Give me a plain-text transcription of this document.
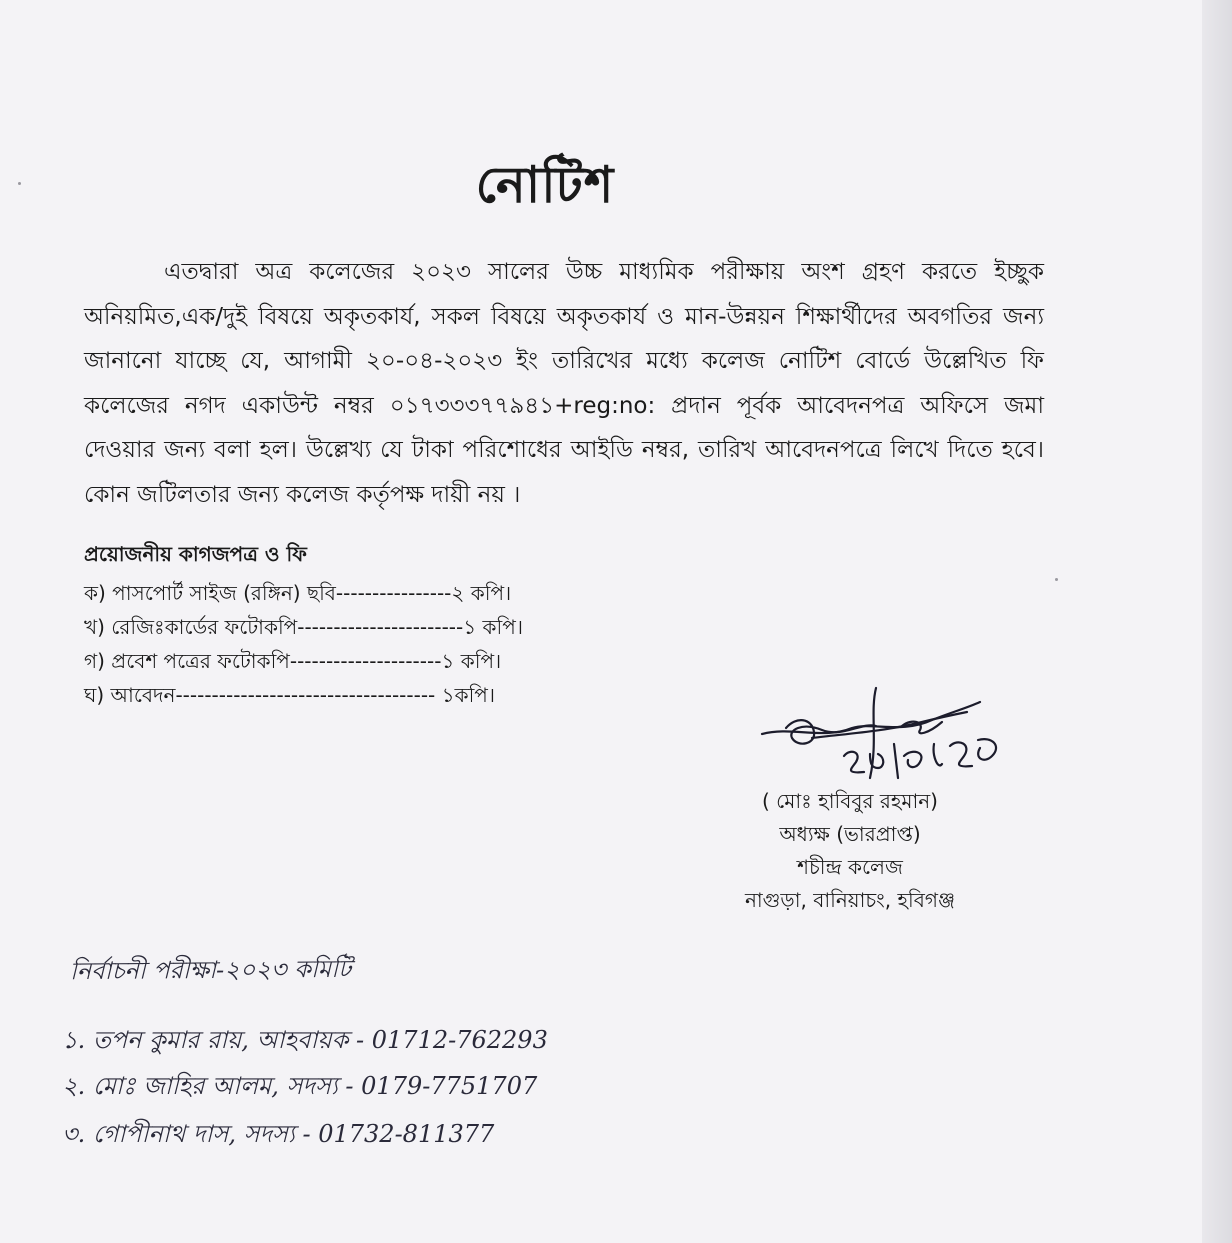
নোটিশ

এতদ্বারা অত্র কলেজের ২০২৩ সালের উচ্চ মাধ্যমিক পরীক্ষায় অংশ গ্রহণ করতে ইচ্ছুক অনিয়মিত,এক/দুই বিষয়ে অকৃতকার্য, সকল বিষয়ে অকৃতকার্য ও মান-উন্নয়ন শিক্ষার্থীদের অবগতির জন্য জানানো যাচ্ছে যে, আগামী ২০-০৪-২০২৩ ইং তারিখের মধ্যে কলেজ নোটিশ বোর্ডে উল্লেখিত ফি কলেজের নগদ একাউন্ট নম্বর ০১৭৩৩৩৭৭৯৪১+reg:no: প্রদান পূর্বক আবেদনপত্র অফিসে জমা দেওয়ার জন্য বলা হল। উল্লেখ্য যে টাকা পরিশোধের আইডি নম্বর, তারিখ আবেদনপত্রে লিখে দিতে হবে। কোন জটিলতার জন্য কলেজ কর্তৃপক্ষ দায়ী নয় ।

প্রয়োজনীয় কাগজপত্র ও ফি
ক) পাসপোর্ট সাইজ (রঙ্গিন) ছবি----------------২ কপি।
খ) রেজিঃকার্ডের ফটোকপি-----------------------১ কপি।
গ) প্রবেশ পত্রের ফটোকপি---------------------১ কপি।
ঘ) আবেদন------------------------------------ ১কপি।
( মোঃ হাবিবুর রহমান)
অধ্যক্ষ (ভারপ্রাপ্ত)
শচীন্দ্র কলেজ
নাগুড়া, বানিয়াচং, হবিগঞ্জ
নির্বাচনী পরীক্ষা-২০২৩ কমিটি
১. তপন কুমার রায়, আহবায়ক - 01712-762293
২. মোঃ জাহির আলম, সদস্য - 0179-7751707
৩. গোপীনাথ দাস, সদস্য - 01732-811377
